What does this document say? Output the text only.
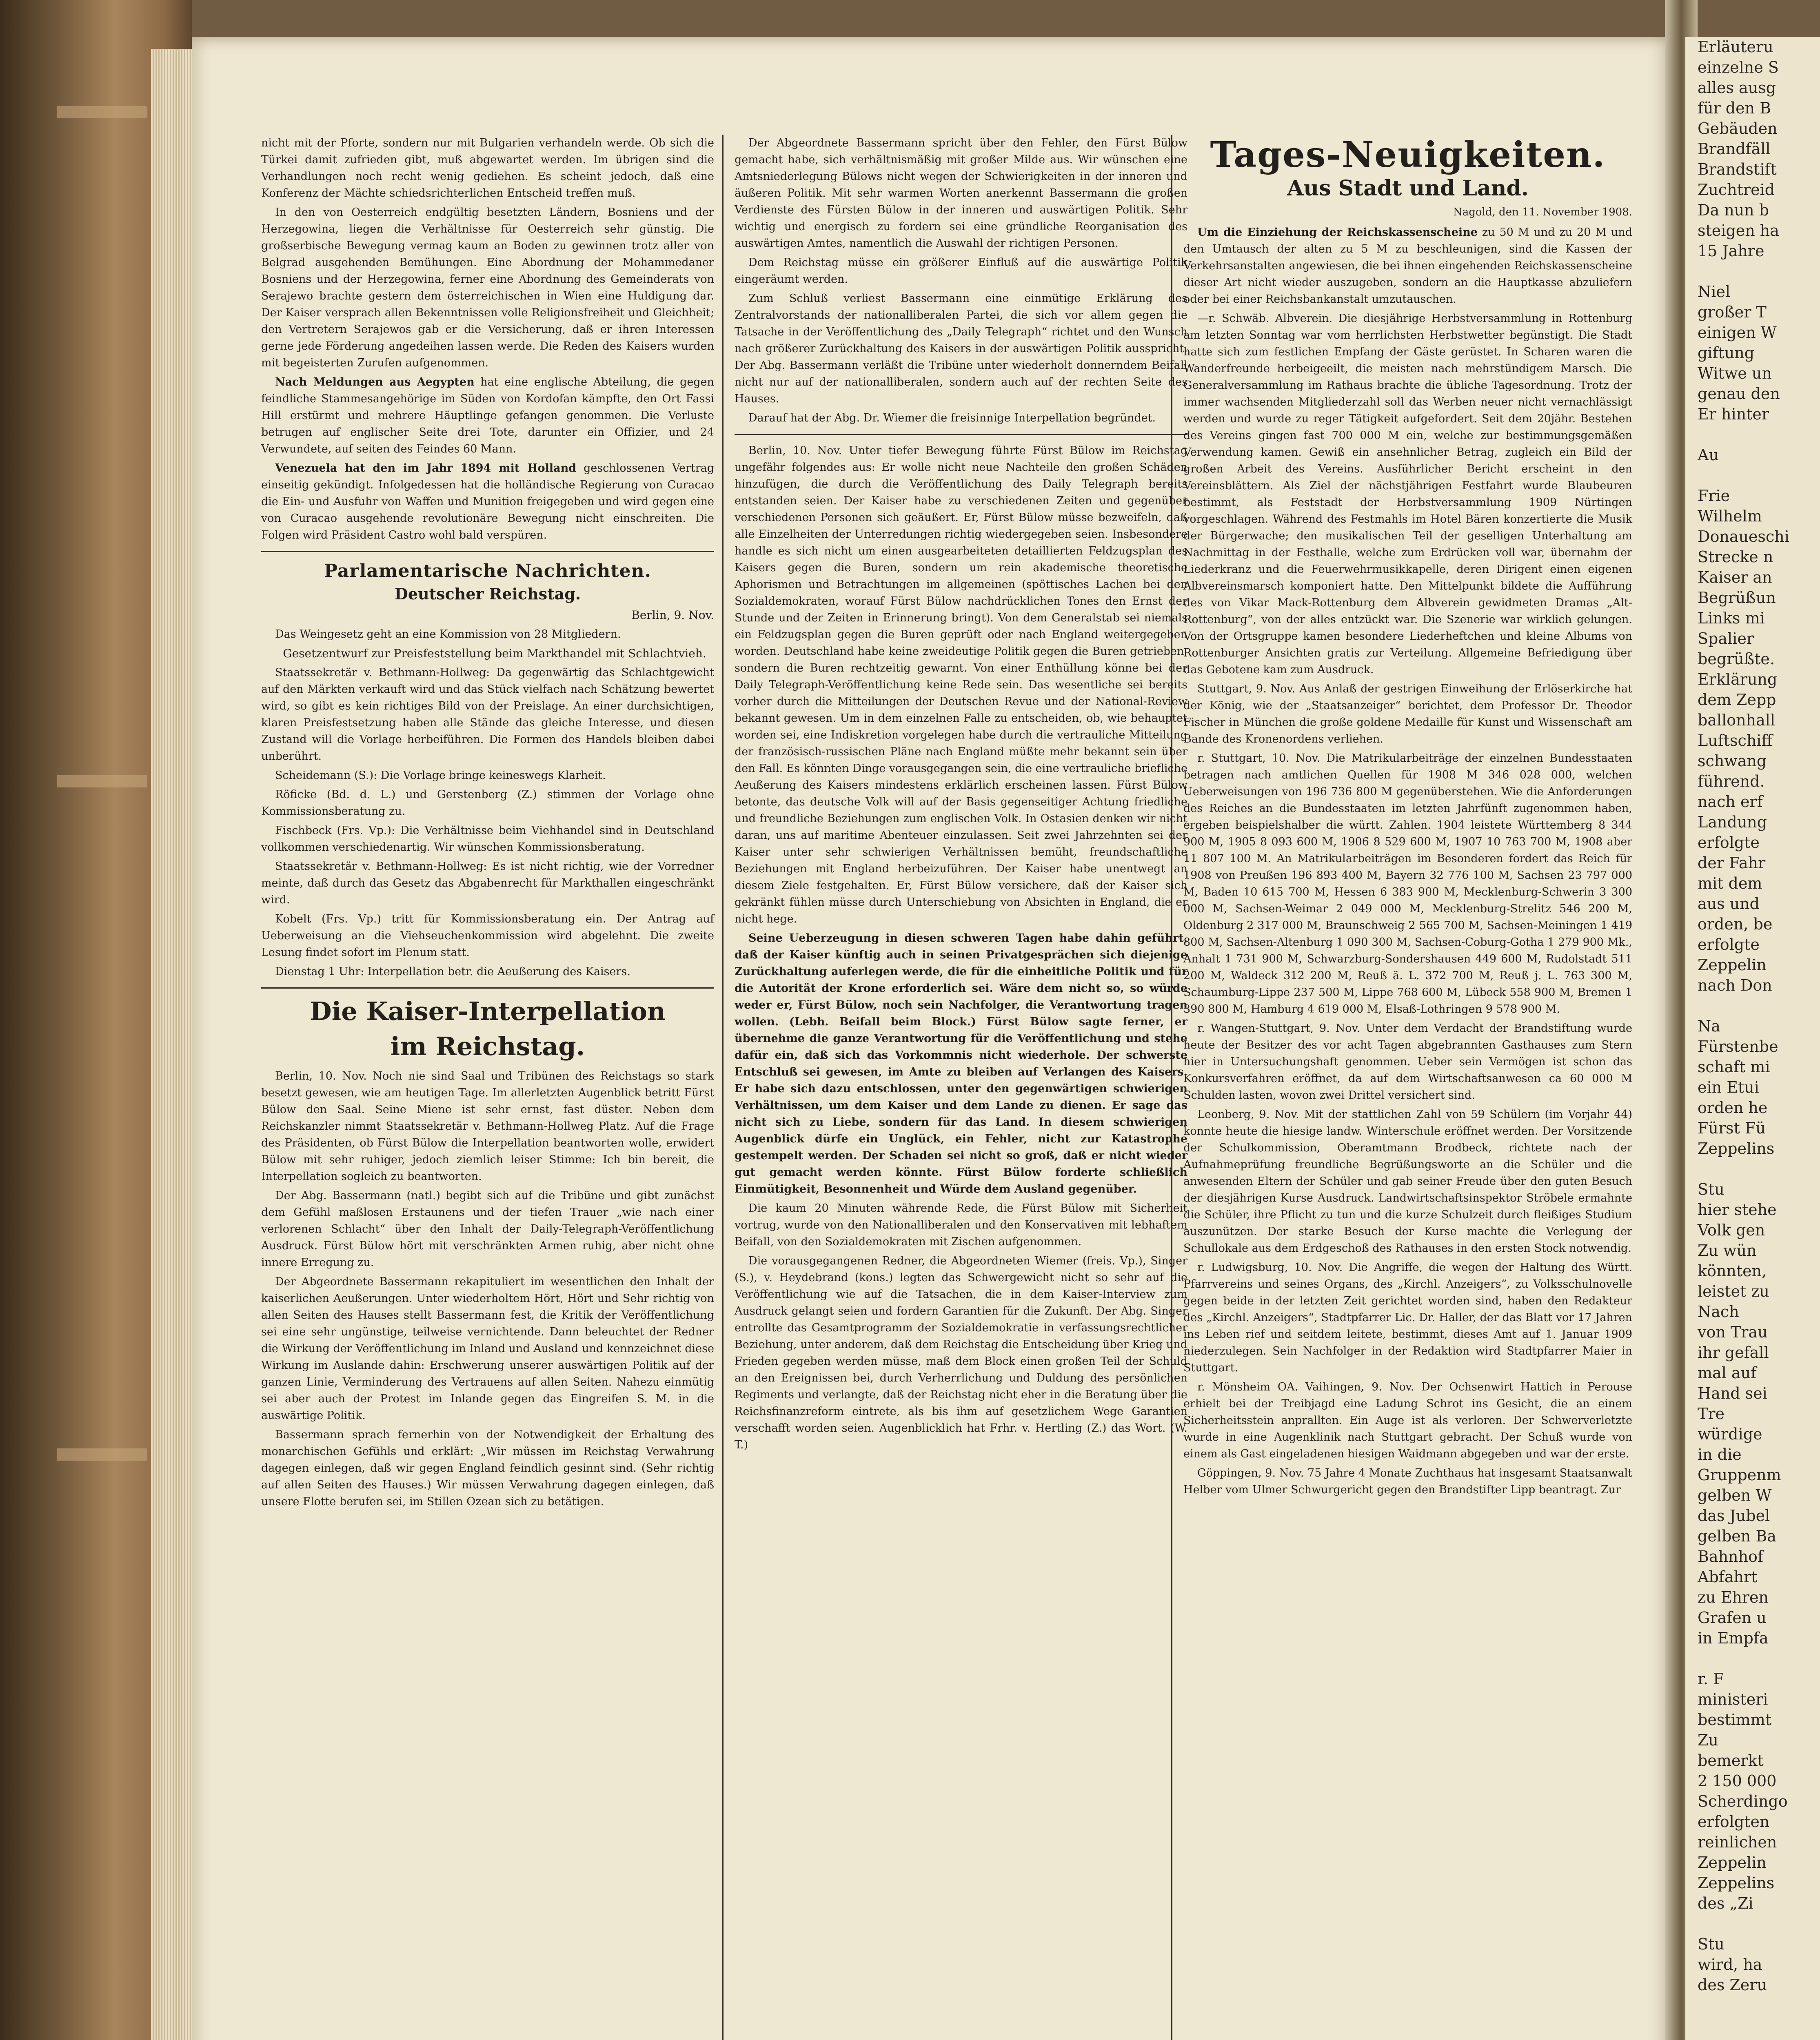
Erläuteru
einzelne S
alles ausg
für den B
Gebäuden
Brandfäll
Brandstift
Zuchtreid
Da nun b
steigen ha
15 Jahre

Niel
großer T
einigen W
giftung
Witwe un
genau den
Er hinter

Au

Frie
Wilhelm
Donaueschi
Strecke n
Kaiser an
Begrüßun
Links mi
Spalier
begrüßte.
Erklärung
dem Zepp
ballonhall
Luftschiff
schwang
führend.
nach erf
Landung
erfolgte
der Fahr
mit dem
aus und
orden, be
erfolgte
Zeppelin
nach Don

Na
Fürstenbe
schaft mi
ein Etui
orden he
Fürst Fü
Zeppelins

Stu
hier stehe
Volk gen
Zu wün
könnten,
leistet zu
Nach
von Trau
ihr gefall
mal auf
Hand sei
Tre
würdige
in die
Gruppenm
gelben W
das Jubel
gelben Ba
Bahnhof
Abfahrt
zu Ehren
Grafen u
in Empfa

r. F
ministeri
bestimmt
Zu
bemerkt
2 150 000
Scherdingo
erfolgten
reinlichen
Zeppelin
Zeppelins
des „Zi

Stu
wird, ha
des Zeru

nicht mit der Pforte, sondern nur mit Bulgarien verhandeln werde. Ob sich die Türkei damit zufrieden gibt, muß abgewartet werden. Im übrigen sind die Verhandlungen noch recht wenig gediehen. Es scheint jedoch, daß eine Konferenz der Mächte schiedsrichterlichen Entscheid treffen muß.

In den von Oesterreich endgültig besetzten Ländern, Bosniens und der Herzegowina, liegen die Verhältnisse für Oesterreich sehr günstig. Die großserbische Bewegung vermag kaum an Boden zu gewinnen trotz aller von Belgrad ausgehenden Bemühungen. Eine Abordnung der Mohammedaner Bosniens und der Herzegowina, ferner eine Abordnung des Gemeinderats von Serajewo brachte gestern dem österreichischen in Wien eine Huldigung dar. Der Kaiser versprach allen Bekenntnissen volle Religionsfreiheit und Gleichheit; den Vertretern Serajewos gab er die Versicherung, daß er ihren Interessen gerne jede Förderung angedeihen lassen werde. Die Reden des Kaisers wurden mit begeisterten Zurufen aufgenommen.

Nach Meldungen aus Aegypten hat eine englische Abteilung, die gegen feindliche Stammesangehörige im Süden von Kordofan kämpfte, den Ort Fassi Hill erstürmt und mehrere Häuptlinge gefangen genommen. Die Verluste betrugen auf englischer Seite drei Tote, darunter ein Offizier, und 24 Verwundete, auf seiten des Feindes 60 Mann.

Venezuela hat den im Jahr 1894 mit Holland geschlossenen Vertrag einseitig gekündigt. Infolgedessen hat die holländische Regierung von Curacao die Ein- und Ausfuhr von Waffen und Munition freigegeben und wird gegen eine von Curacao ausgehende revolutionäre Bewegung nicht einschreiten. Die Folgen wird Präsident Castro wohl bald verspüren.

Parlamentarische Nachrichten.
Deutscher Reichstag.
Berlin, 9. Nov.

Das Weingesetz geht an eine Kommission von 28 Mitgliedern.

Gesetzentwurf zur Preisfeststellung beim Markthandel mit Schlachtvieh.

Staatssekretär v. Bethmann-Hollweg: Da gegenwärtig das Schlachtgewicht auf den Märkten verkauft wird und das Stück vielfach nach Schätzung bewertet wird, so gibt es kein richtiges Bild von der Preislage. An einer durchsichtigen, klaren Preisfestsetzung haben alle Stände das gleiche Interesse, und diesen Zustand will die Vorlage herbeiführen. Die Formen des Handels bleiben dabei unberührt.

Scheidemann (S.): Die Vorlage bringe keineswegs Klarheit.

Röficke (Bd. d. L.) und Gerstenberg (Z.) stimmen der Vorlage ohne Kommissionsberatung zu.

Fischbeck (Frs. Vp.): Die Verhältnisse beim Viehhandel sind in Deutschland vollkommen verschiedenartig. Wir wünschen Kommissionsberatung.

Staatssekretär v. Bethmann-Hollweg: Es ist nicht richtig, wie der Vorredner meinte, daß durch das Gesetz das Abgabenrecht für Markthallen eingeschränkt wird.

Kobelt (Frs. Vp.) tritt für Kommissionsberatung ein. Der Antrag auf Ueberweisung an die Viehseuchenkommission wird abgelehnt. Die zweite Lesung findet sofort im Plenum statt.

Dienstag 1 Uhr: Interpellation betr. die Aeußerung des Kaisers.

Die Kaiser-Interpellation
im Reichstag.

Berlin, 10. Nov. Noch nie sind Saal und Tribünen des Reichstags so stark besetzt gewesen, wie am heutigen Tage. Im allerletzten Augenblick betritt Fürst Bülow den Saal. Seine Miene ist sehr ernst, fast düster. Neben dem Reichskanzler nimmt Staatssekretär v. Bethmann-Hollweg Platz. Auf die Frage des Präsidenten, ob Fürst Bülow die Interpellation beantworten wolle, erwidert Bülow mit sehr ruhiger, jedoch ziemlich leiser Stimme: Ich bin bereit, die Interpellation sogleich zu beantworten.

Der Abg. Bassermann (natl.) begibt sich auf die Tribüne und gibt zunächst dem Gefühl maßlosen Erstaunens und der tiefen Trauer „wie nach einer verlorenen Schlacht“ über den Inhalt der Daily-Telegraph-Veröffentlichung Ausdruck. Fürst Bülow hört mit verschränkten Armen ruhig, aber nicht ohne innere Erregung zu.

Der Abgeordnete Bassermann rekapituliert im wesentlichen den Inhalt der kaiserlichen Aeußerungen. Unter wiederholtem Hört, Hört und Sehr richtig von allen Seiten des Hauses stellt Bassermann fest, die Kritik der Veröffentlichung sei eine sehr ungünstige, teilweise vernichtende. Dann beleuchtet der Redner die Wirkung der Veröffentlichung im Inland und Ausland und kennzeichnet diese Wirkung im Auslande dahin: Erschwerung unserer auswärtigen Politik auf der ganzen Linie, Verminderung des Vertrauens auf allen Seiten. Nahezu einmütig sei aber auch der Protest im Inlande gegen das Eingreifen S. M. in die auswärtige Politik.

Bassermann sprach fernerhin von der Notwendigkeit der Erhaltung des monarchischen Gefühls und erklärt: „Wir müssen im Reichstag Verwahrung dagegen einlegen, daß wir gegen England feindlich gesinnt sind. (Sehr richtig auf allen Seiten des Hauses.) Wir müssen Verwahrung dagegen einlegen, daß unsere Flotte berufen sei, im Stillen Ozean sich zu betätigen.

Der Abgeordnete Bassermann spricht über den Fehler, den Fürst Bülow gemacht habe, sich verhältnismäßig mit großer Milde aus. Wir wünschen eine Amtsniederlegung Bülows nicht wegen der Schwierigkeiten in der inneren und äußeren Politik. Mit sehr warmen Worten anerkennt Bassermann die großen Verdienste des Fürsten Bülow in der inneren und auswärtigen Politik. Sehr wichtig und energisch zu fordern sei eine gründliche Reorganisation des auswärtigen Amtes, namentlich die Auswahl der richtigen Personen.

Dem Reichstag müsse ein größerer Einfluß auf die auswärtige Politik eingeräumt werden.

Zum Schluß verliest Bassermann eine einmütige Erklärung des Zentralvorstands der nationalliberalen Partei, die sich vor allem gegen die Tatsache in der Veröffentlichung des „Daily Telegraph“ richtet und den Wunsch nach größerer Zurückhaltung des Kaisers in der auswärtigen Politik ausspricht. Der Abg. Bassermann verläßt die Tribüne unter wiederholt donnerndem Beifall nicht nur auf der nationalliberalen, sondern auch auf der rechten Seite des Hauses.

Darauf hat der Abg. Dr. Wiemer die freisinnige Interpellation begründet.

Berlin, 10. Nov. Unter tiefer Bewegung führte Fürst Bülow im Reichstag ungefähr folgendes aus: Er wolle nicht neue Nachteile den großen Schäden hinzufügen, die durch die Veröffentlichung des Daily Telegraph bereits entstanden seien. Der Kaiser habe zu verschiedenen Zeiten und gegenüber verschiedenen Personen sich geäußert. Er, Fürst Bülow müsse bezweifeln, daß alle Einzelheiten der Unterredungen richtig wiedergegeben seien. Insbesondere handle es sich nicht um einen ausgearbeiteten detaillierten Feldzugsplan des Kaisers gegen die Buren, sondern um rein akademische theoretische Aphorismen und Betrachtungen im allgemeinen (spöttisches Lachen bei den Sozialdemokraten, worauf Fürst Bülow nachdrücklichen Tones den Ernst der Stunde und der Zeiten in Erinnerung bringt). Von dem Generalstab sei niemals ein Feldzugsplan gegen die Buren geprüft oder nach England weitergegeben worden. Deutschland habe keine zweideutige Politik gegen die Buren getrieben, sondern die Buren rechtzeitig gewarnt. Von einer Enthüllung könne bei der Daily Telegraph-Veröffentlichung keine Rede sein. Das wesentliche sei bereits vorher durch die Mitteilungen der Deutschen Revue und der National-Review bekannt gewesen. Um in dem einzelnen Falle zu entscheiden, ob, wie behauptet worden sei, eine Indiskretion vorgelegen habe durch die vertrauliche Mitteilung der französisch-russischen Pläne nach England müßte mehr bekannt sein über den Fall. Es könnten Dinge vorausgegangen sein, die eine vertrauliche briefliche Aeußerung des Kaisers mindestens erklärlich erscheinen lassen. Fürst Bülow betonte, das deutsche Volk will auf der Basis gegenseitiger Achtung friedliche und freundliche Beziehungen zum englischen Volk. In Ostasien denken wir nicht daran, uns auf maritime Abenteuer einzulassen. Seit zwei Jahrzehnten sei der Kaiser unter sehr schwierigen Verhältnissen bemüht, freundschaftliche Beziehungen mit England herbeizuführen. Der Kaiser habe unentwegt an diesem Ziele festgehalten. Er, Fürst Bülow versichere, daß der Kaiser sich gekränkt fühlen müsse durch Unterschiebung von Absichten in England, die er nicht hege.

Seine Ueberzeugung in diesen schweren Tagen habe dahin geführt, daß der Kaiser künftig auch in seinen Privatgesprächen sich diejenige Zurückhaltung auferlegen werde, die für die einheitliche Politik und für die Autorität der Krone erforderlich sei. Wäre dem nicht so, so würde weder er, Fürst Bülow, noch sein Nachfolger, die Verantwortung tragen wollen. (Lebh. Beifall beim Block.) Fürst Bülow sagte ferner, er übernehme die ganze Verantwortung für die Veröffentlichung und stehe dafür ein, daß sich das Vorkommnis nicht wiederhole. Der schwerste Entschluß sei gewesen, im Amte zu bleiben auf Verlangen des Kaisers. Er habe sich dazu entschlossen, unter den gegenwärtigen schwierigen Verhältnissen, um dem Kaiser und dem Lande zu dienen. Er sage das nicht sich zu Liebe, sondern für das Land. In diesem schwierigen Augenblick dürfe ein Unglück, ein Fehler, nicht zur Katastrophe gestempelt werden. Der Schaden sei nicht so groß, daß er nicht wieder gut gemacht werden könnte. Fürst Bülow forderte schließlich Einmütigkeit, Besonnenheit und Würde dem Ausland gegenüber.

Die kaum 20 Minuten währende Rede, die Fürst Bülow mit Sicherheit vortrug, wurde von den Nationalliberalen und den Konservativen mit lebhaftem Beifall, von den Sozialdemokraten mit Zischen aufgenommen.

Die vorausgegangenen Redner, die Abgeordneten Wiemer (freis. Vp.), Singer (S.), v. Heydebrand (kons.) legten das Schwergewicht nicht so sehr auf die Veröffentlichung wie auf die Tatsachen, die in dem Kaiser-Interview zum Ausdruck gelangt seien und fordern Garantien für die Zukunft. Der Abg. Singer entrollte das Gesamtprogramm der Sozialdemokratie in verfassungsrechtlicher Beziehung, unter anderem, daß dem Reichstag die Entscheidung über Krieg und Frieden gegeben werden müsse, maß dem Block einen großen Teil der Schuld an den Ereignissen bei, durch Verherrlichung und Duldung des persönlichen Regiments und verlangte, daß der Reichstag nicht eher in die Beratung über die Reichsfinanzreform eintrete, als bis ihm auf gesetzlichem Wege Garantien verschafft worden seien. Augenblicklich hat Frhr. v. Hertling (Z.) das Wort. (W. T.)

Tages-Neuigkeiten.
Aus Stadt und Land.
Nagold, den 11. November 1908.

Um die Einziehung der Reichskassenscheine zu 50 M und zu 20 M und den Umtausch der alten zu 5 M zu beschleunigen, sind die Kassen der Verkehrsanstalten angewiesen, die bei ihnen eingehenden Reichskassenscheine dieser Art nicht wieder auszugeben, sondern an die Hauptkasse abzuliefern oder bei einer Reichsbankanstalt umzutauschen.

—r. Schwäb. Albverein. Die diesjährige Herbstversammlung in Rottenburg am letzten Sonntag war vom herrlichsten Herbstwetter begünstigt. Die Stadt hatte sich zum festlichen Empfang der Gäste gerüstet. In Scharen waren die Wanderfreunde herbeigeeilt, die meisten nach mehrstündigem Marsch. Die Generalversammlung im Rathaus brachte die übliche Tagesordnung. Trotz der immer wachsenden Mitgliederzahl soll das Werben neuer nicht vernachlässigt werden und wurde zu reger Tätigkeit aufgefordert. Seit dem 20jähr. Bestehen des Vereins gingen fast 700 000 M ein, welche zur bestimmungsgemäßen Verwendung kamen. Gewiß ein ansehnlicher Betrag, zugleich ein Bild der großen Arbeit des Vereins. Ausführlicher Bericht erscheint in den Vereinsblättern. Als Ziel der nächstjährigen Festfahrt wurde Blaubeuren bestimmt, als Feststadt der Herbstversammlung 1909 Nürtingen vorgeschlagen. Während des Festmahls im Hotel Bären konzertierte die Musik der Bürgerwache; den musikalischen Teil der geselligen Unterhaltung am Nachmittag in der Festhalle, welche zum Erdrücken voll war, übernahm der Liederkranz und die Feuerwehrmusikkapelle, deren Dirigent einen eigenen Albvereinsmarsch komponiert hatte. Den Mittelpunkt bildete die Aufführung des von Vikar Mack-Rottenburg dem Albverein gewidmeten Dramas „Alt-Rottenburg“, von der alles entzückt war. Die Szenerie war wirklich gelungen. Von der Ortsgruppe kamen besondere Liederheftchen und kleine Albums von Rottenburger Ansichten gratis zur Verteilung. Allgemeine Befriedigung über das Gebotene kam zum Ausdruck.

Stuttgart, 9. Nov. Aus Anlaß der gestrigen Einweihung der Erlöserkirche hat der König, wie der „Staatsanzeiger“ berichtet, dem Professor Dr. Theodor Fischer in München die große goldene Medaille für Kunst und Wissenschaft am Bande des Kronenordens verliehen.

r. Stuttgart, 10. Nov. Die Matrikularbeiträge der einzelnen Bundesstaaten betragen nach amtlichen Quellen für 1908 M 346 028 000, welchen Ueberweisungen von 196 736 800 M gegenüberstehen. Wie die Anforderungen des Reiches an die Bundesstaaten im letzten Jahrfünft zugenommen haben, ergeben beispielshalber die württ. Zahlen. 1904 leistete Württemberg 8 344 900 M, 1905 8 093 600 M, 1906 8 529 600 M, 1907 10 763 700 M, 1908 aber 11 807 100 M. An Matrikularbeiträgen im Besonderen fordert das Reich für 1908 von Preußen 196 893 400 M, Bayern 32 776 100 M, Sachsen 23 797 000 M, Baden 10 615 700 M, Hessen 6 383 900 M, Mecklenburg-Schwerin 3 300 000 M, Sachsen-Weimar 2 049 000 M, Mecklenburg-Strelitz 546 200 M, Oldenburg 2 317 000 M, Braunschweig 2 565 700 M, Sachsen-Meiningen 1 419 800 M, Sachsen-Altenburg 1 090 300 M, Sachsen-Coburg-Gotha 1 279 900 Mk., Anhalt 1 731 900 M, Schwarzburg-Sondershausen 449 600 M, Rudolstadt 511 200 M, Waldeck 312 200 M, Reuß ä. L. 372 700 M, Reuß j. L. 763 300 M, Schaumburg-Lippe 237 500 M, Lippe 768 600 M, Lübeck 558 900 M, Bremen 1 390 800 M, Hamburg 4 619 000 M, Elsaß-Lothringen 9 578 900 M.

r. Wangen-Stuttgart, 9. Nov. Unter dem Verdacht der Brandstiftung wurde heute der Besitzer des vor acht Tagen abgebrannten Gasthauses zum Stern hier in Untersuchungshaft genommen. Ueber sein Vermögen ist schon das Konkursverfahren eröffnet, da auf dem Wirtschaftsanwesen ca 60 000 M Schulden lasten, wovon zwei Drittel versichert sind.

Leonberg, 9. Nov. Mit der stattlichen Zahl von 59 Schülern (im Vorjahr 44) konnte heute die hiesige landw. Winterschule eröffnet werden. Der Vorsitzende der Schulkommission, Oberamtmann Brodbeck, richtete nach der Aufnahmeprüfung freundliche Begrüßungsworte an die Schüler und die anwesenden Eltern der Schüler und gab seiner Freude über den guten Besuch der diesjährigen Kurse Ausdruck. Landwirtschaftsinspektor Ströbele ermahnte die Schüler, ihre Pflicht zu tun und die kurze Schulzeit durch fleißiges Studium auszunützen. Der starke Besuch der Kurse machte die Verlegung der Schullokale aus dem Erdgeschoß des Rathauses in den ersten Stock notwendig.

r. Ludwigsburg, 10. Nov. Die Angriffe, die wegen der Haltung des Württ. Pfarrvereins und seines Organs, des „Kirchl. Anzeigers“, zu Volksschulnovelle gegen beide in der letzten Zeit gerichtet worden sind, haben den Redakteur des „Kirchl. Anzeigers“, Stadtpfarrer Lic. Dr. Haller, der das Blatt vor 17 Jahren ins Leben rief und seitdem leitete, bestimmt, dieses Amt auf 1. Januar 1909 niederzulegen. Sein Nachfolger in der Redaktion wird Stadtpfarrer Maier in Stuttgart.

r. Mönsheim OA. Vaihingen, 9. Nov. Der Ochsenwirt Hattich in Perouse erhielt bei der Treibjagd eine Ladung Schrot ins Gesicht, die an einem Sicherheitsstein anprallten. Ein Auge ist als verloren. Der Schwerverletzte wurde in eine Augenklinik nach Stuttgart gebracht. Der Schuß wurde von einem als Gast eingeladenen hiesigen Waidmann abgegeben und war der erste.

Göppingen, 9. Nov. 75 Jahre 4 Monate Zuchthaus hat insgesamt Staatsanwalt Helber vom Ulmer Schwurgericht gegen den Brandstifter Lipp beantragt. Zur
